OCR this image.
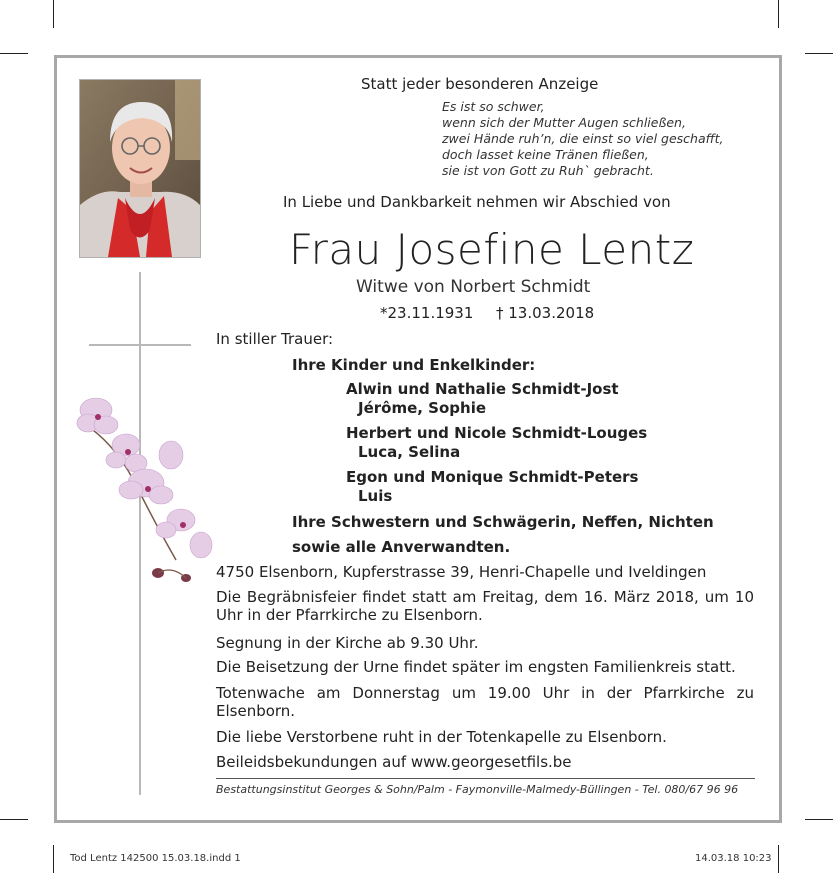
Statt jeder besonderen Anzeige
Es ist so schwer,
wenn sich der Mutter Augen schließen,
zwei Hände ruh’n, die einst so viel geschafft,
doch lasset keine Tränen fließen,
sie ist von Gott zu Ruh` gebracht.
In Liebe und Dankbarkeit nehmen wir Abschied von
Frau Josefine Lentz
Witwe von Norbert Schmidt
*23.11.1931 † 13.03.2018
In stiller Trauer:
Ihre Kinder und Enkelkinder:
Alwin und Nathalie Schmidt-Jost
Jérôme, Sophie
Herbert und Nicole Schmidt-Louges
Luca, Selina
Egon und Monique Schmidt-Peters
Luis
Ihre Schwestern und Schwägerin, Neffen, Nichten
sowie alle Anverwandten.
4750 Elsenborn, Kupferstrasse 39, Henri-Chapelle und Iveldingen
Die Begräbnisfeier findet statt am Freitag, dem 16. März 2018, um 10 Uhr in der Pfarrkirche zu Elsenborn.
Segnung in der Kirche ab 9.30 Uhr.
Die Beisetzung der Urne findet später im engsten Familienkreis statt.
Totenwache am Donnerstag um 19.00 Uhr in der Pfarrkirche zu Elsenborn.
Die liebe Verstorbene ruht in der Totenkapelle zu Elsenborn.
Beileidsbekundungen auf www.georgesetfils.be
Bestattungsinstitut Georges & Sohn/Palm - Faymonville-Malmedy-Büllingen - Tel. 080/67 96 96
Tod Lentz 142500 15.03.18.indd 1	14.03.18 10:23
